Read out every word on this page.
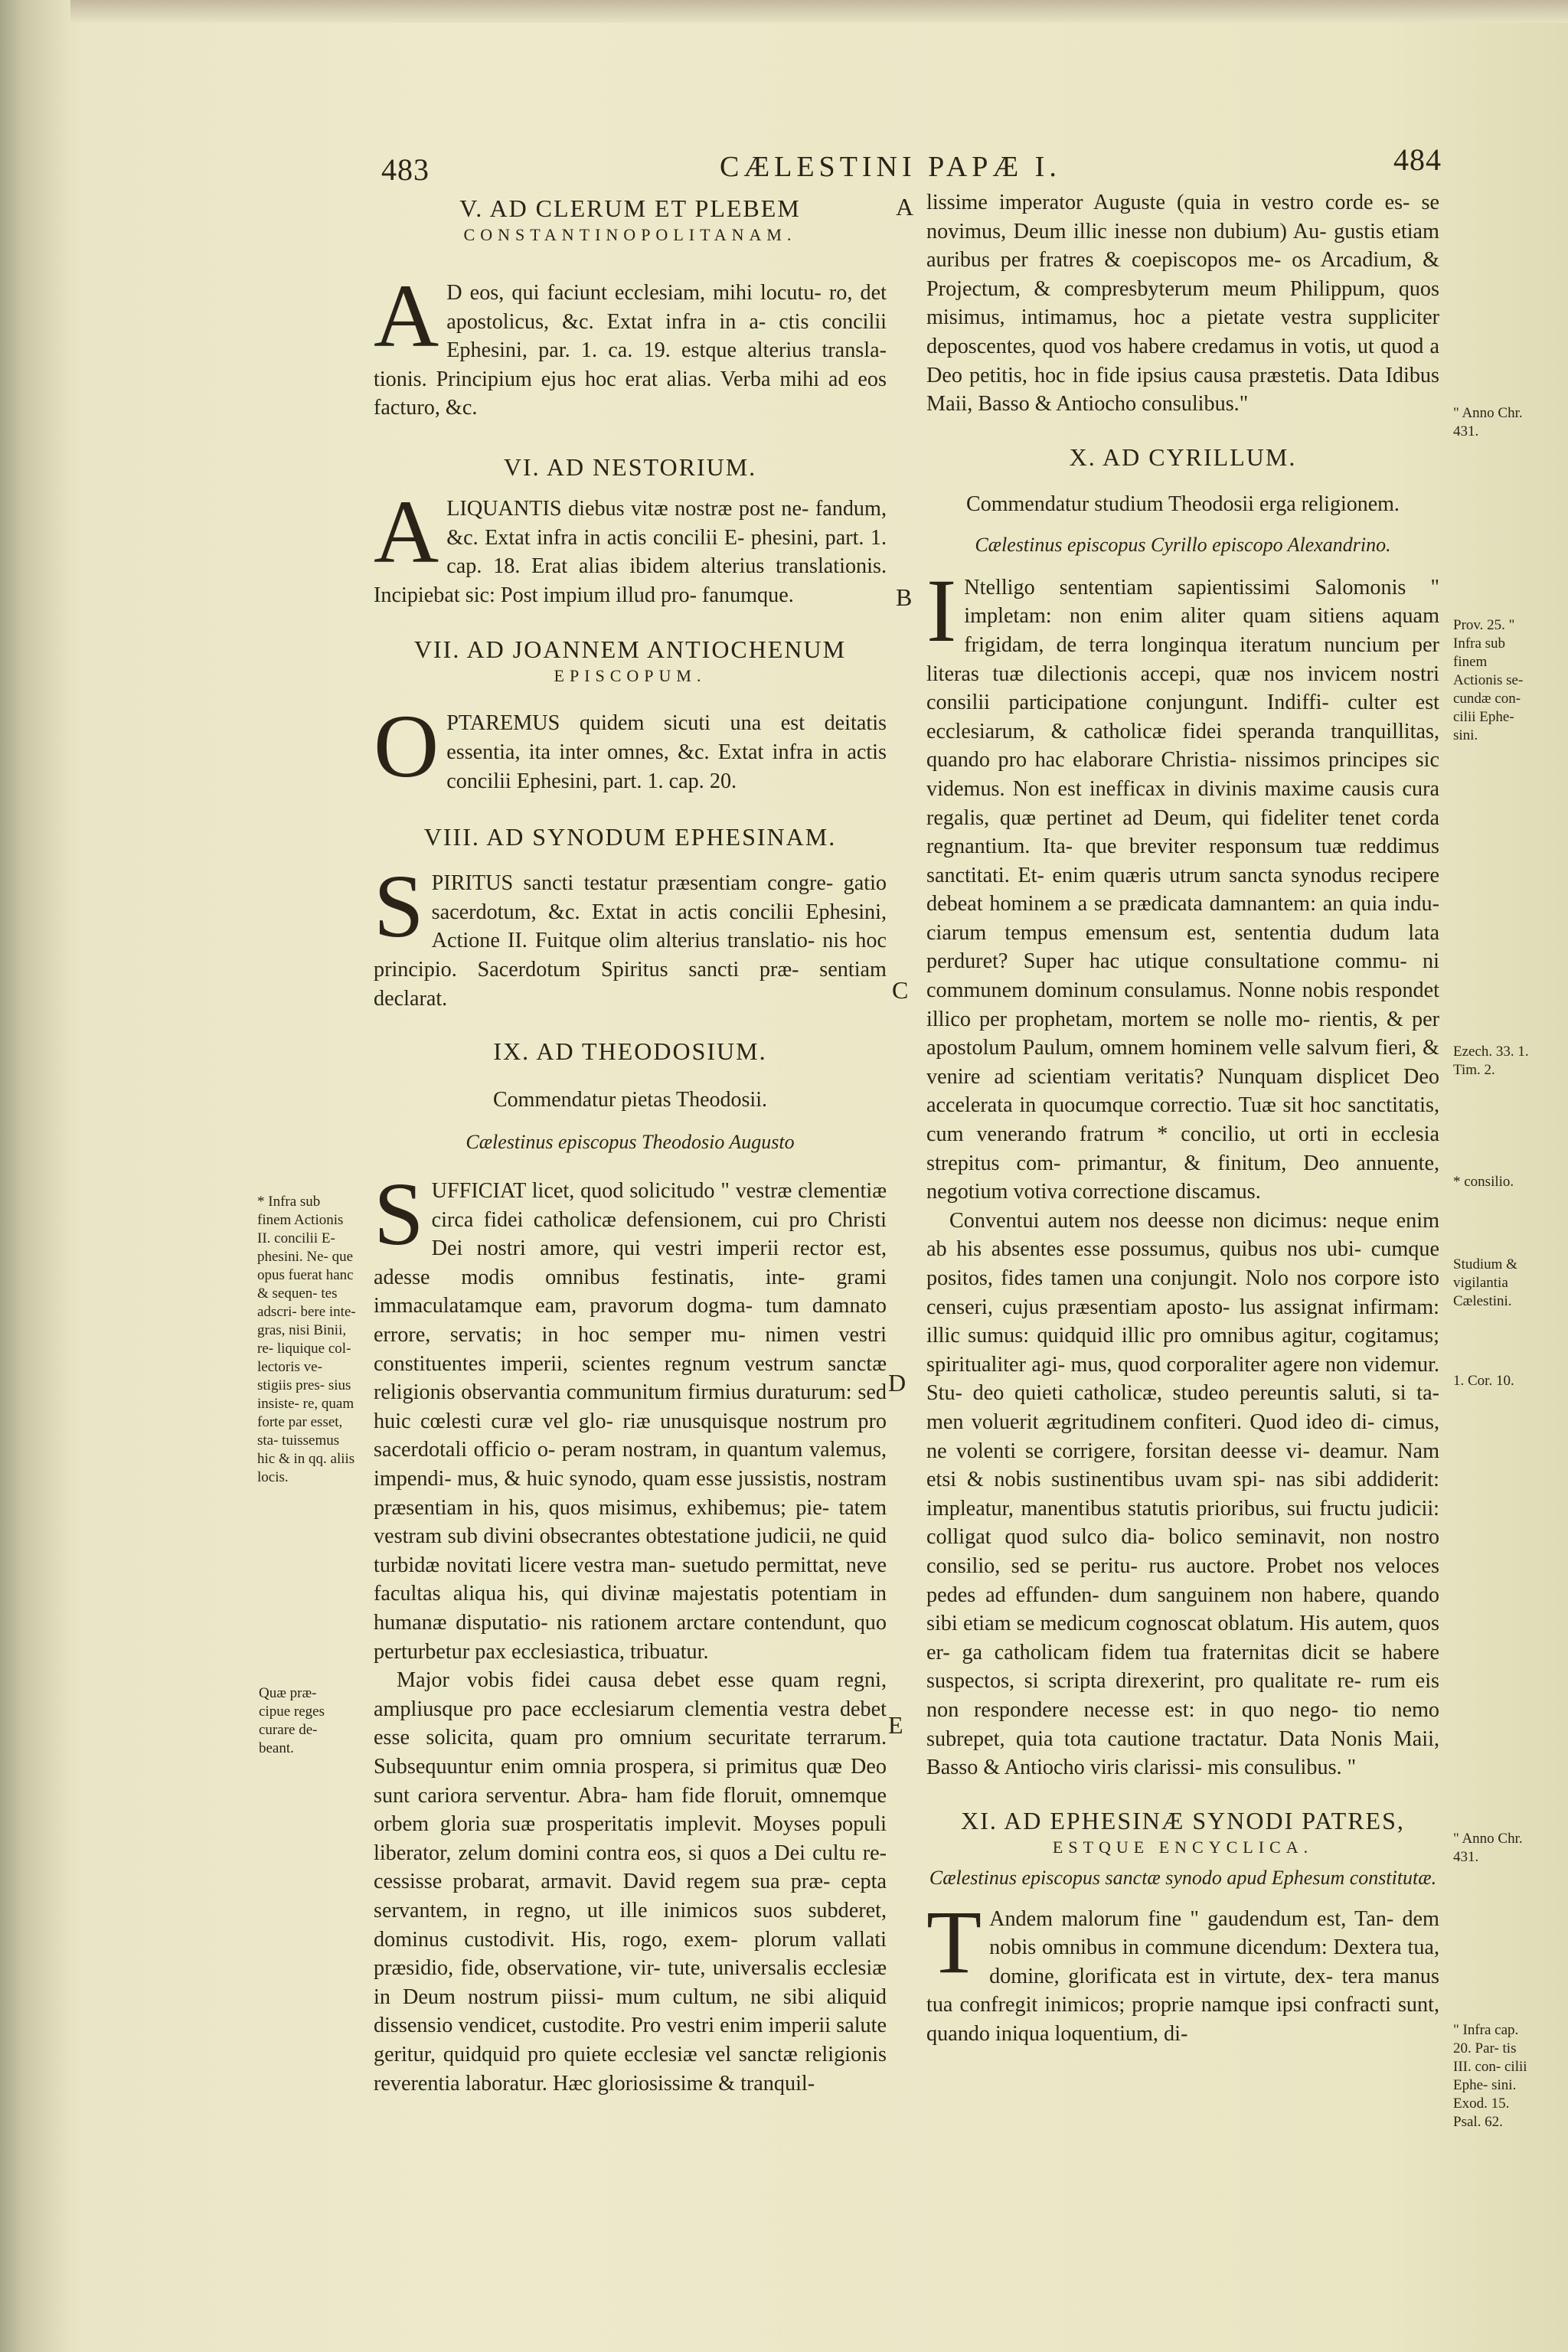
483	CÆLESTINI PAPÆ I.	484

V. AD CLERUM ET PLEBEM

CONSTANTINOPOLITANAM.

A D eos, qui faciunt ecclesiam, mihi locutu- ro, det apostolicus, &c. Extat infra in a- ctis concilii Ephesini, par. 1. ca. 19. estque alterius transla- tionis. Principium ejus hoc erat alias. Verba mihi ad eos facturo, &c.

VI. AD NESTORIUM.

A LIQUANTIS diebus vitæ nostræ post ne- fandum, &c. Extat infra in actis concilii E- phesini, part. 1. cap. 18. Erat alias ibidem alterius translationis. Incipiebat sic: Post impium illud pro- fanumque.

VII. AD JOANNEM ANTIOCHENUM

EPISCOPUM.

O PTAREMUS quidem sicuti una est deitatis essentia, ita inter omnes, &c. Extat infra in actis concilii Ephesini, part. 1. cap. 20.

VIII. AD SYNODUM EPHESINAM.

S PIRITUS sancti testatur præsentiam congre- gatio sacerdotum, &c. Extat in actis concilii Ephesini, Actione II. Fuitque olim alterius translatio- nis hoc principio. Sacerdotum Spiritus sancti præ- sentiam declarat.

IX. AD THEODOSIUM.

Commendatur pietas Theodosii.

Cælestinus episcopus Theodosio Augusto

S UFFICIAT licet, quod solicitudo " vestræ clementiæ circa fidei catholicæ defensionem, cui pro Christi Dei nostri amore, qui vestri imperii rector est, adesse modis omnibus festinatis, inte- grami immaculatamque eam, pravorum dogma- tum damnato errore, servatis; in hoc semper mu- nimen vestri constituentes imperii, scientes regnum vestrum sanctæ religionis observantia communitum firmius duraturum: sed huic cœlesti curæ vel glo- riæ unusquisque nostrum pro sacerdotali officio o- peram nostram, in quantum valemus, impendi- mus, & huic synodo, quam esse jussistis, nostram præsentiam in his, quos misimus, exhibemus; pie- tatem vestram sub divini obsecrantes obtestatione judicii, ne quid turbidæ novitati licere vestra man- suetudo permittat, neve facultas aliqua his, qui divinæ majestatis potentiam in humanæ disputatio- nis rationem arctare contendunt, quo perturbetur pax ecclesiastica, tribuatur.

Major vobis fidei causa debet esse quam regni, ampliusque pro pace ecclesiarum clementia vestra debet esse solicita, quam pro omnium securitate terrarum. Subsequuntur enim omnia prospera, si primitus quæ Deo sunt cariora serventur. Abra- ham fide floruit, omnemque orbem gloria suæ prosperitatis implevit. Moyses populi liberator, zelum domini contra eos, si quos a Dei cultu re- cessisse probarat, armavit. David regem sua præ- cepta servantem, in regno, ut ille inimicos suos subderet, dominus custodivit. His, rogo, exem- plorum vallati præsidio, fide, observatione, vir- tute, universalis ecclesiæ in Deum nostrum piissi- mum cultum, ne sibi aliquid dissensio vendicet, custodite. Pro vestri enim imperii salute geritur, quidquid pro quiete ecclesiæ vel sanctæ religionis reverentia laboratur. Hæc gloriosissime & tranquil-

A
B
C
D
E

lissime imperator Auguste (quia in vestro corde es- se novimus, Deum illic inesse non dubium) Au- gustis etiam auribus per fratres & coepiscopos me- os Arcadium, & Projectum, & compresbyterum meum Philippum, quos misimus, intimamus, hoc a pietate vestra suppliciter deposcentes, quod vos habere credamus in votis, ut quod a Deo petitis, hoc in fide ipsius causa præstetis. Data Idibus Maii, Basso & Antiocho consulibus."

X. AD CYRILLUM.

Commendatur studium Theodosii erga religionem.

Cælestinus episcopus Cyrillo episcopo Alexandrino.

I Ntelligo sententiam sapientissimi Salomonis " impletam: non enim aliter quam sitiens aquam frigidam, de terra longinqua iteratum nuncium per literas tuæ dilectionis accepi, quæ nos invicem nostri consilii participatione conjungunt. Indiffi- culter est ecclesiarum, & catholicæ fidei speranda tranquillitas, quando pro hac elaborare Christia- nissimos principes sic videmus. Non est inefficax in divinis maxime causis cura regalis, quæ pertinet ad Deum, qui fideliter tenet corda regnantium. Ita- que breviter responsum tuæ reddimus sanctitati. Et- enim quæris utrum sancta synodus recipere debeat hominem a se prædicata damnantem: an quia indu- ciarum tempus emensum est, sententia dudum lata perduret? Super hac utique consultatione commu- ni communem dominum consulamus. Nonne nobis respondet illico per prophetam, mortem se nolle mo- rientis, & per apostolum Paulum, omnem hominem velle salvum fieri, & venire ad scientiam veritatis? Nunquam displicet Deo accelerata in quocumque correctio. Tuæ sit hoc sanctitatis, cum venerando fratrum * concilio, ut orti in ecclesia strepitus com- primantur, & finitum, Deo annuente, negotium votiva correctione discamus.

Conventui autem nos deesse non dicimus: neque enim ab his absentes esse possumus, quibus nos ubi- cumque positos, fides tamen una conjungit. Nolo nos corpore isto censeri, cujus præsentiam aposto- lus assignat infirmam: illic sumus: quidquid illic pro omnibus agitur, cogitamus; spiritualiter agi- mus, quod corporaliter agere non videmur. Stu- deo quieti catholicæ, studeo pereuntis saluti, si ta- men voluerit ægritudinem confiteri. Quod ideo di- cimus, ne volenti se corrigere, forsitan deesse vi- deamur. Nam etsi & nobis sustinentibus uvam spi- nas sibi addiderit: impleatur, manentibus statutis prioribus, sui fructu judicii: colligat quod sulco dia- bolico seminavit, non nostro consilio, sed se peritu- rus auctore. Probet nos veloces pedes ad effunden- dum sanguinem non habere, quando sibi etiam se medicum cognoscat oblatum. His autem, quos er- ga catholicam fidem tua fraternitas dicit se habere suspectos, si scripta direxerint, pro qualitate re- rum eis non respondere necesse est: in quo nego- tio nemo subrepet, quia tota cautione tractatur. Data Nonis Maii, Basso & Antiocho viris clarissi- mis consulibus. "

XI. AD EPHESINÆ SYNODI PATRES,

ESTQUE ENCYCLICA.

Cælestinus episcopus sanctæ synodo apud Ephesum constitutæ.

T Andem malorum fine " gaudendum est, Tan- dem nobis omnibus in commune dicendum: Dextera tua, domine, glorificata est in virtute, dex- tera manus tua confregit inimicos; proprie namque ipsi confracti sunt, quando iniqua loquentium, di-

* Infra sub finem Actionis II. concilii E- phesini. Ne- que opus fuerat hanc & sequen- tes adscri- bere inte- gras, nisi Binii, re- liquique col- lectoris ve- stigiis pres- sius insiste- re, quam forte par esset, sta- tuissemus hic & in qq. aliis locis.

Quæ præ- cipue reges curare de- beant.

" Anno Chr. 431.
Prov. 25. " Infra sub finem Actionis se- cundæ con- cilii Ephe- sini.
Ezech. 33. 1. Tim. 2.
* consilio.
Studium & vigilantia Cælestini.
1. Cor. 10.
" Anno Chr. 431.
" Infra cap. 20. Par- tis III. con- cilii Ephe- sini. Exod. 15. Psal. 62.
